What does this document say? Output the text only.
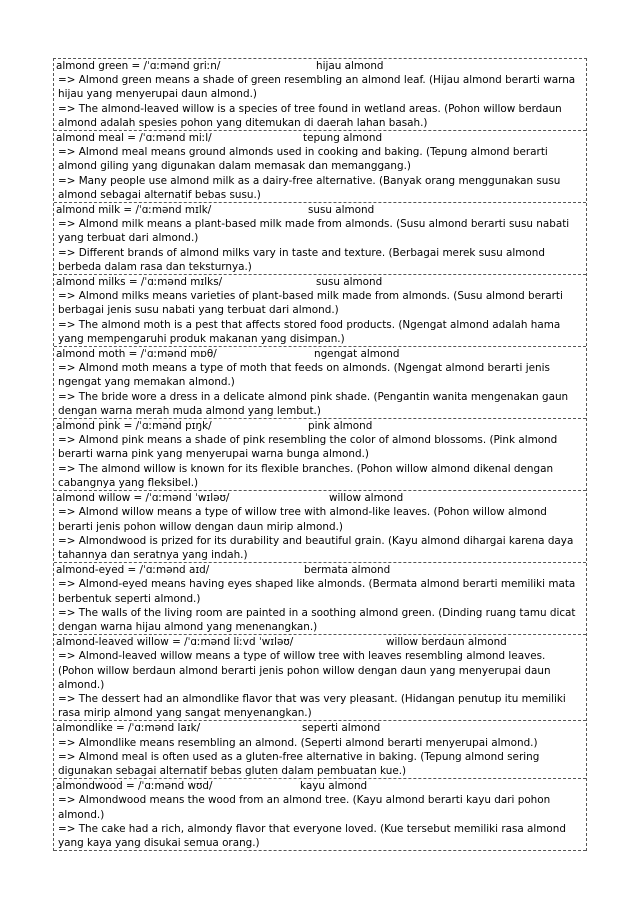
almond green = /ˈɑːmənd griːn/	hijau almond
=> Almond green means a shade of green resembling an almond leaf. (Hijau almond berarti warna hijau yang menyerupai daun almond.)
=> The almond-leaved willow is a species of tree found in wetland areas. (Pohon willow berdaun almond adalah spesies pohon yang ditemukan di daerah lahan basah.)
almond meal = /ˈɑːmənd miːl/	tepung almond
=> Almond meal means ground almonds used in cooking and baking. (Tepung almond berarti almond giling yang digunakan dalam memasak dan memanggang.)
=> Many people use almond milk as a dairy-free alternative. (Banyak orang menggunakan susu almond sebagai alternatif bebas susu.)
almond milk = /ˈɑːmənd mɪlk/	susu almond
=> Almond milk means a plant-based milk made from almonds. (Susu almond berarti susu nabati yang terbuat dari almond.)
=> Different brands of almond milks vary in taste and texture. (Berbagai merek susu almond berbeda dalam rasa dan teksturnya.)
almond milks = /ˈɑːmənd mɪlks/	susu almond
=> Almond milks means varieties of plant-based milk made from almonds. (Susu almond berarti berbagai jenis susu nabati yang terbuat dari almond.)
=> The almond moth is a pest that affects stored food products. (Ngengat almond adalah hama yang mempengaruhi produk makanan yang disimpan.)
almond moth = /ˈɑːmənd mɒθ/	ngengat almond
=> Almond moth means a type of moth that feeds on almonds. (Ngengat almond berarti jenis ngengat yang memakan almond.)
=> The bride wore a dress in a delicate almond pink shade. (Pengantin wanita mengenakan gaun dengan warna merah muda almond yang lembut.)
almond pink = /ˈɑːmənd pɪŋk/	pink almond
=> Almond pink means a shade of pink resembling the color of almond blossoms. (Pink almond berarti warna pink yang menyerupai warna bunga almond.)
=> The almond willow is known for its flexible branches. (Pohon willow almond dikenal dengan cabangnya yang fleksibel.)
almond willow = /ˈɑːmənd ˈwɪləʊ/	willow almond
=> Almond willow means a type of willow tree with almond-like leaves. (Pohon willow almond berarti jenis pohon willow dengan daun mirip almond.)
=> Almondwood is prized for its durability and beautiful grain. (Kayu almond dihargai karena daya tahannya dan seratnya yang indah.)
almond-eyed = /ˈɑːmənd aɪd/	bermata almond
=> Almond-eyed means having eyes shaped like almonds. (Bermata almond berarti memiliki mata berbentuk seperti almond.)
=> The walls of the living room are painted in a soothing almond green. (Dinding ruang tamu dicat dengan warna hijau almond yang menenangkan.)
almond-leaved willow = /ˈɑːmənd liːvd ˈwɪləʊ/	willow berdaun almond
=> Almond-leaved willow means a type of willow tree with leaves resembling almond leaves. (Pohon willow berdaun almond berarti jenis pohon willow dengan daun yang menyerupai daun almond.)
=> The dessert had an almondlike flavor that was very pleasant. (Hidangan penutup itu memiliki rasa mirip almond yang sangat menyenangkan.)
almondlike = /ˈɑːmənd laɪk/	seperti almond
=> Almondlike means resembling an almond. (Seperti almond berarti menyerupai almond.)
=> Almond meal is often used as a gluten-free alternative in baking. (Tepung almond sering digunakan sebagai alternatif bebas gluten dalam pembuatan kue.)
almondwood = /ˈɑːmənd wʊd/	kayu almond
=> Almondwood means the wood from an almond tree. (Kayu almond berarti kayu dari pohon almond.)
=> The cake had a rich, almondy flavor that everyone loved. (Kue tersebut memiliki rasa almond yang kaya yang disukai semua orang.)
